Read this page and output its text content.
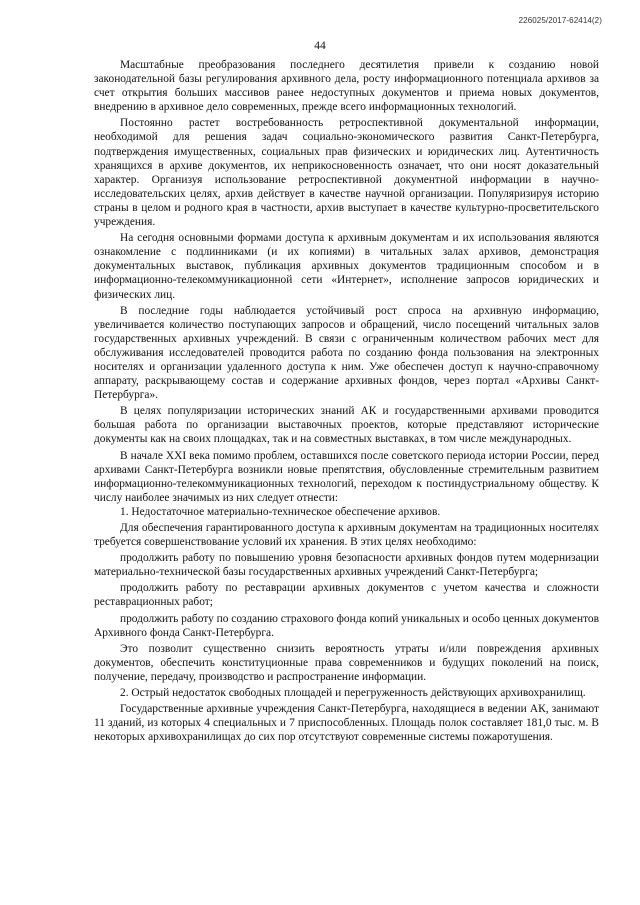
226025/2017-62414(2)
44

Масштабные преобразования последнего десятилетия привели к созданию новой законодательной базы регулирования архивного дела, росту информационного потенциала архивов за счет открытия больших массивов ранее недоступных документов и приема новых документов, внедрению в архивное дело современных, прежде всего информационных технологий.

Постоянно растет востребованность ретроспективной документальной информации, необходимой для решения задач социально-экономического развития Санкт-Петербурга, подтверждения имущественных, социальных прав физических и юридических лиц. Аутентичность хранящихся в архиве документов, их неприкосновенность означает, что они носят доказательный характер. Организуя использование ретроспективной документной информации в научно-исследовательских целях, архив действует в качестве научной организации. Популяризируя историю страны в целом и родного края в частности, архив выступает в качестве культурно-просветительского учреждения.

На сегодня основными формами доступа к архивным документам и их использования являются ознакомление с подлинниками (и их копиями) в читальных залах архивов, демонстрация документальных выставок, публикация архивных документов традиционным способом и в информационно-телекоммуникационной сети «Интернет», исполнение запросов юридических и физических лиц.

В последние годы наблюдается устойчивый рост спроса на архивную информацию, увеличивается количество поступающих запросов и обращений, число посещений читальных залов государственных архивных учреждений. В связи с ограниченным количеством рабочих мест для обслуживания исследователей проводится работа по созданию фонда пользования на электронных носителях и организации удаленного доступа к ним. Уже обеспечен доступ к научно-справочному аппарату, раскрывающему состав и содержание архивных фондов, через портал «Архивы Санкт-Петербурга».

В целях популяризации исторических знаний АК и государственными архивами проводится большая работа по организации выставочных проектов, которые представляют исторические документы как на своих площадках, так и на совместных выставках, в том числе международных.

В начале XXI века помимо проблем, оставшихся после советского периода истории России, перед архивами Санкт-Петербурга возникли новые препятствия, обусловленные стремительным развитием информационно-телекоммуникационных технологий, переходом к постиндустриальному обществу. К числу наиболее значимых из них следует отнести:

1. Недостаточное материально-техническое обеспечение архивов.

Для обеспечения гарантированного доступа к архивным документам на традиционных носителях требуется совершенствование условий их хранения. В этих целях необходимо:

продолжить работу по повышению уровня безопасности архивных фондов путем модернизации материально-технической базы государственных архивных учреждений Санкт-Петербурга;

продолжить работу по реставрации архивных документов с учетом качества и сложности реставрационных работ;

продолжить работу по созданию страхового фонда копий уникальных и особо ценных документов Архивного фонда Санкт-Петербурга.

Это позволит существенно снизить вероятность утраты и/или повреждения архивных документов, обеспечить конституционные права современников и будущих поколений на поиск, получение, передачу, производство и распространение информации.

2. Острый недостаток свободных площадей и перегруженность действующих архивохранилищ.

Государственные архивные учреждения Санкт-Петербурга, находящиеся в ведении АК, занимают 11 зданий, из которых 4 специальных и 7 приспособленных. Площадь полок составляет 181,0 тыс. м. В некоторых архивохранилищах до сих пор отсутствуют современные системы пожаротушения.
